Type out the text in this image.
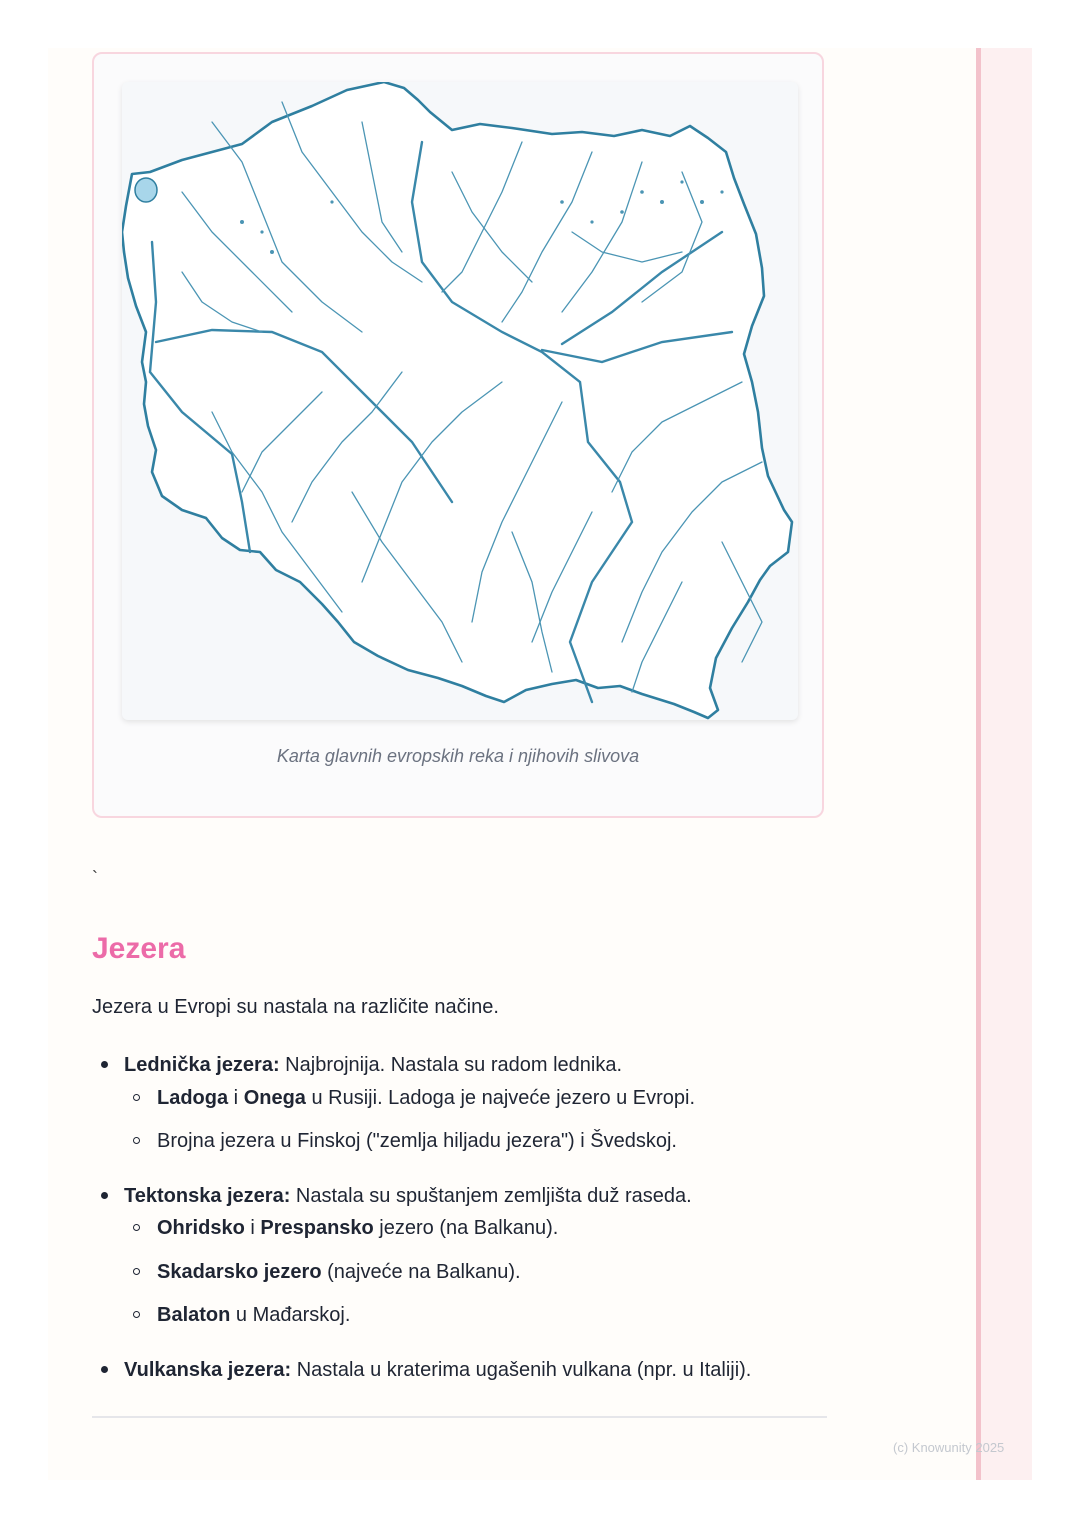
Karta glavnih evropskih reka i njihovih slivova
`
Jezera

Jezera u Evropi su nastala na različite načine.

Lednička jezera: Najbrojnija. Nastala su radom lednika.
Ladoga i Onega u Rusiji. Ladoga je najveće jezero u Evropi.
Brojna jezera u Finskoj ("zemlja hiljadu jezera") i Švedskoj.
Tektonska jezera: Nastala su spuštanjem zemljišta duž raseda.
Ohridsko i Prespansko jezero (na Balkanu).
Skadarsko jezero (najveće na Balkanu).
Balaton u Mađarskoj.
Vulkanska jezera: Nastala u kraterima ugašenih vulkana (npr. u Italiji).
(c) Knowunity 2025
